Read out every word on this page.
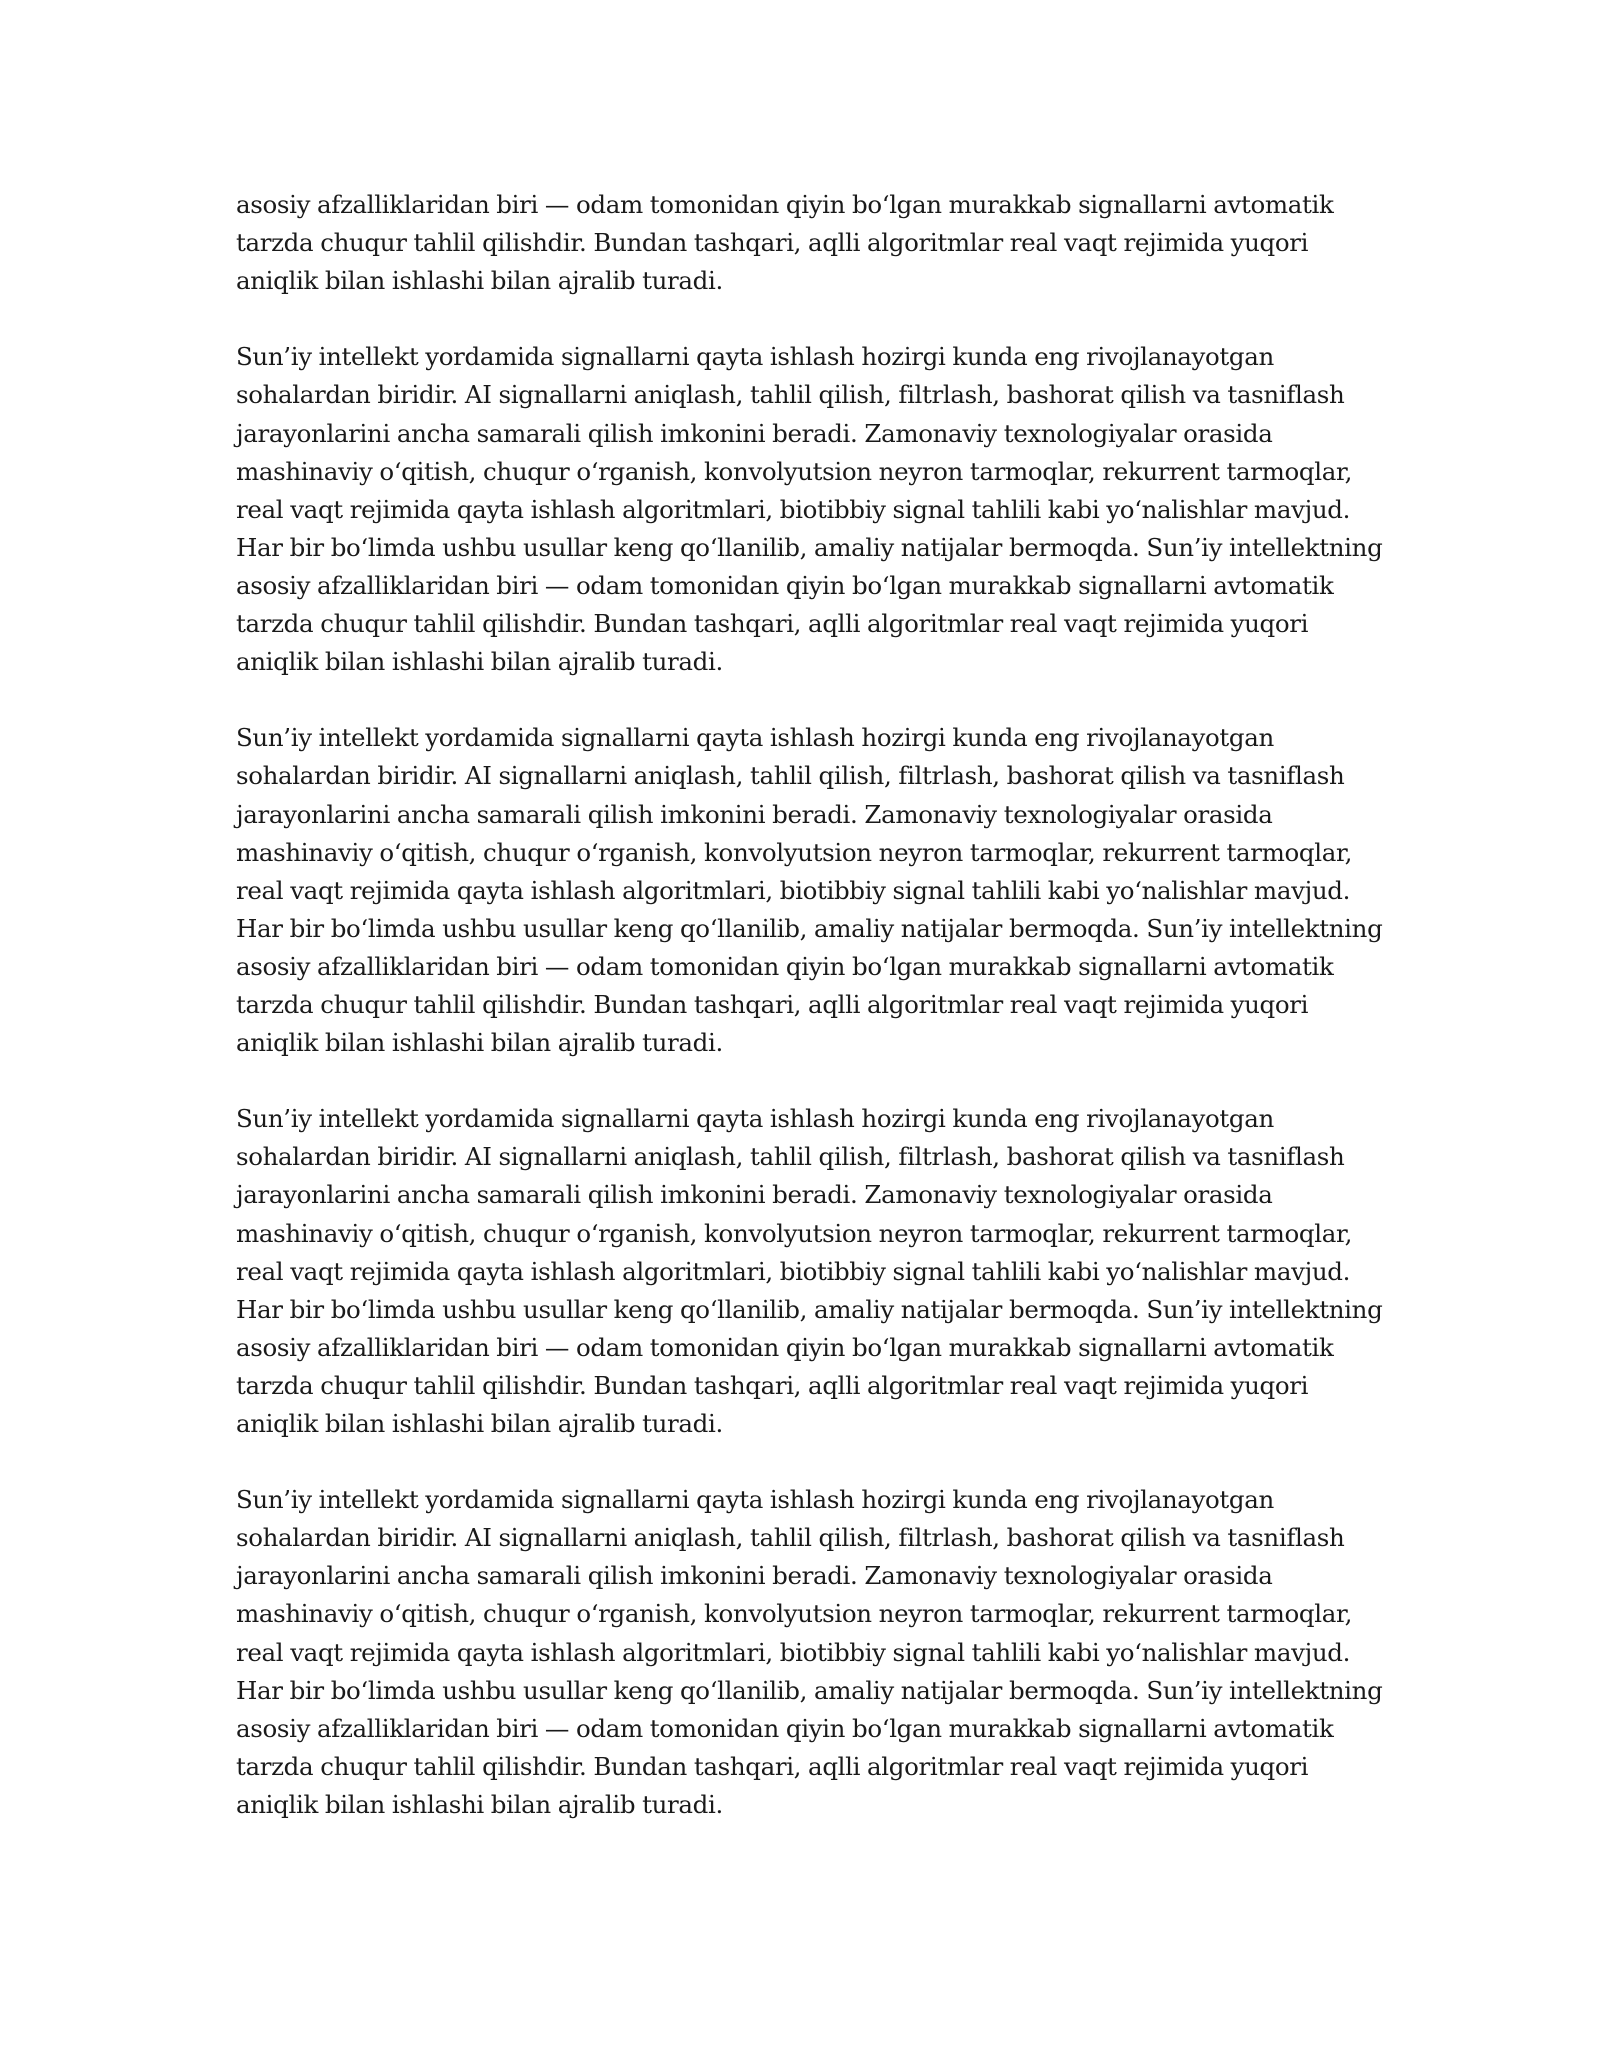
asosiy afzalliklaridan biri — odam tomonidan qiyin bo‘lgan murakkab signallarni avtomatik
tarzda chuqur tahlil qilishdir. Bundan tashqari, aqlli algoritmlar real vaqt rejimida yuqori
aniqlik bilan ishlashi bilan ajralib turadi.

Sun’iy intellekt yordamida signallarni qayta ishlash hozirgi kunda eng rivojlanayotgan
sohalardan biridir. AI signallarni aniqlash, tahlil qilish, filtrlash, bashorat qilish va tasniflash
jarayonlarini ancha samarali qilish imkonini beradi. Zamonaviy texnologiyalar orasida
mashinaviy o‘qitish, chuqur o‘rganish, konvolyutsion neyron tarmoqlar, rekurrent tarmoqlar,
real vaqt rejimida qayta ishlash algoritmlari, biotibbiy signal tahlili kabi yo‘nalishlar mavjud.
Har bir bo‘limda ushbu usullar keng qo‘llanilib, amaliy natijalar bermoqda. Sun’iy intellektning
asosiy afzalliklaridan biri — odam tomonidan qiyin bo‘lgan murakkab signallarni avtomatik
tarzda chuqur tahlil qilishdir. Bundan tashqari, aqlli algoritmlar real vaqt rejimida yuqori
aniqlik bilan ishlashi bilan ajralib turadi.

Sun’iy intellekt yordamida signallarni qayta ishlash hozirgi kunda eng rivojlanayotgan
sohalardan biridir. AI signallarni aniqlash, tahlil qilish, filtrlash, bashorat qilish va tasniflash
jarayonlarini ancha samarali qilish imkonini beradi. Zamonaviy texnologiyalar orasida
mashinaviy o‘qitish, chuqur o‘rganish, konvolyutsion neyron tarmoqlar, rekurrent tarmoqlar,
real vaqt rejimida qayta ishlash algoritmlari, biotibbiy signal tahlili kabi yo‘nalishlar mavjud.
Har bir bo‘limda ushbu usullar keng qo‘llanilib, amaliy natijalar bermoqda. Sun’iy intellektning
asosiy afzalliklaridan biri — odam tomonidan qiyin bo‘lgan murakkab signallarni avtomatik
tarzda chuqur tahlil qilishdir. Bundan tashqari, aqlli algoritmlar real vaqt rejimida yuqori
aniqlik bilan ishlashi bilan ajralib turadi.

Sun’iy intellekt yordamida signallarni qayta ishlash hozirgi kunda eng rivojlanayotgan
sohalardan biridir. AI signallarni aniqlash, tahlil qilish, filtrlash, bashorat qilish va tasniflash
jarayonlarini ancha samarali qilish imkonini beradi. Zamonaviy texnologiyalar orasida
mashinaviy o‘qitish, chuqur o‘rganish, konvolyutsion neyron tarmoqlar, rekurrent tarmoqlar,
real vaqt rejimida qayta ishlash algoritmlari, biotibbiy signal tahlili kabi yo‘nalishlar mavjud.
Har bir bo‘limda ushbu usullar keng qo‘llanilib, amaliy natijalar bermoqda. Sun’iy intellektning
asosiy afzalliklaridan biri — odam tomonidan qiyin bo‘lgan murakkab signallarni avtomatik
tarzda chuqur tahlil qilishdir. Bundan tashqari, aqlli algoritmlar real vaqt rejimida yuqori
aniqlik bilan ishlashi bilan ajralib turadi.

Sun’iy intellekt yordamida signallarni qayta ishlash hozirgi kunda eng rivojlanayotgan
sohalardan biridir. AI signallarni aniqlash, tahlil qilish, filtrlash, bashorat qilish va tasniflash
jarayonlarini ancha samarali qilish imkonini beradi. Zamonaviy texnologiyalar orasida
mashinaviy o‘qitish, chuqur o‘rganish, konvolyutsion neyron tarmoqlar, rekurrent tarmoqlar,
real vaqt rejimida qayta ishlash algoritmlari, biotibbiy signal tahlili kabi yo‘nalishlar mavjud.
Har bir bo‘limda ushbu usullar keng qo‘llanilib, amaliy natijalar bermoqda. Sun’iy intellektning
asosiy afzalliklaridan biri — odam tomonidan qiyin bo‘lgan murakkab signallarni avtomatik
tarzda chuqur tahlil qilishdir. Bundan tashqari, aqlli algoritmlar real vaqt rejimida yuqori
aniqlik bilan ishlashi bilan ajralib turadi.
